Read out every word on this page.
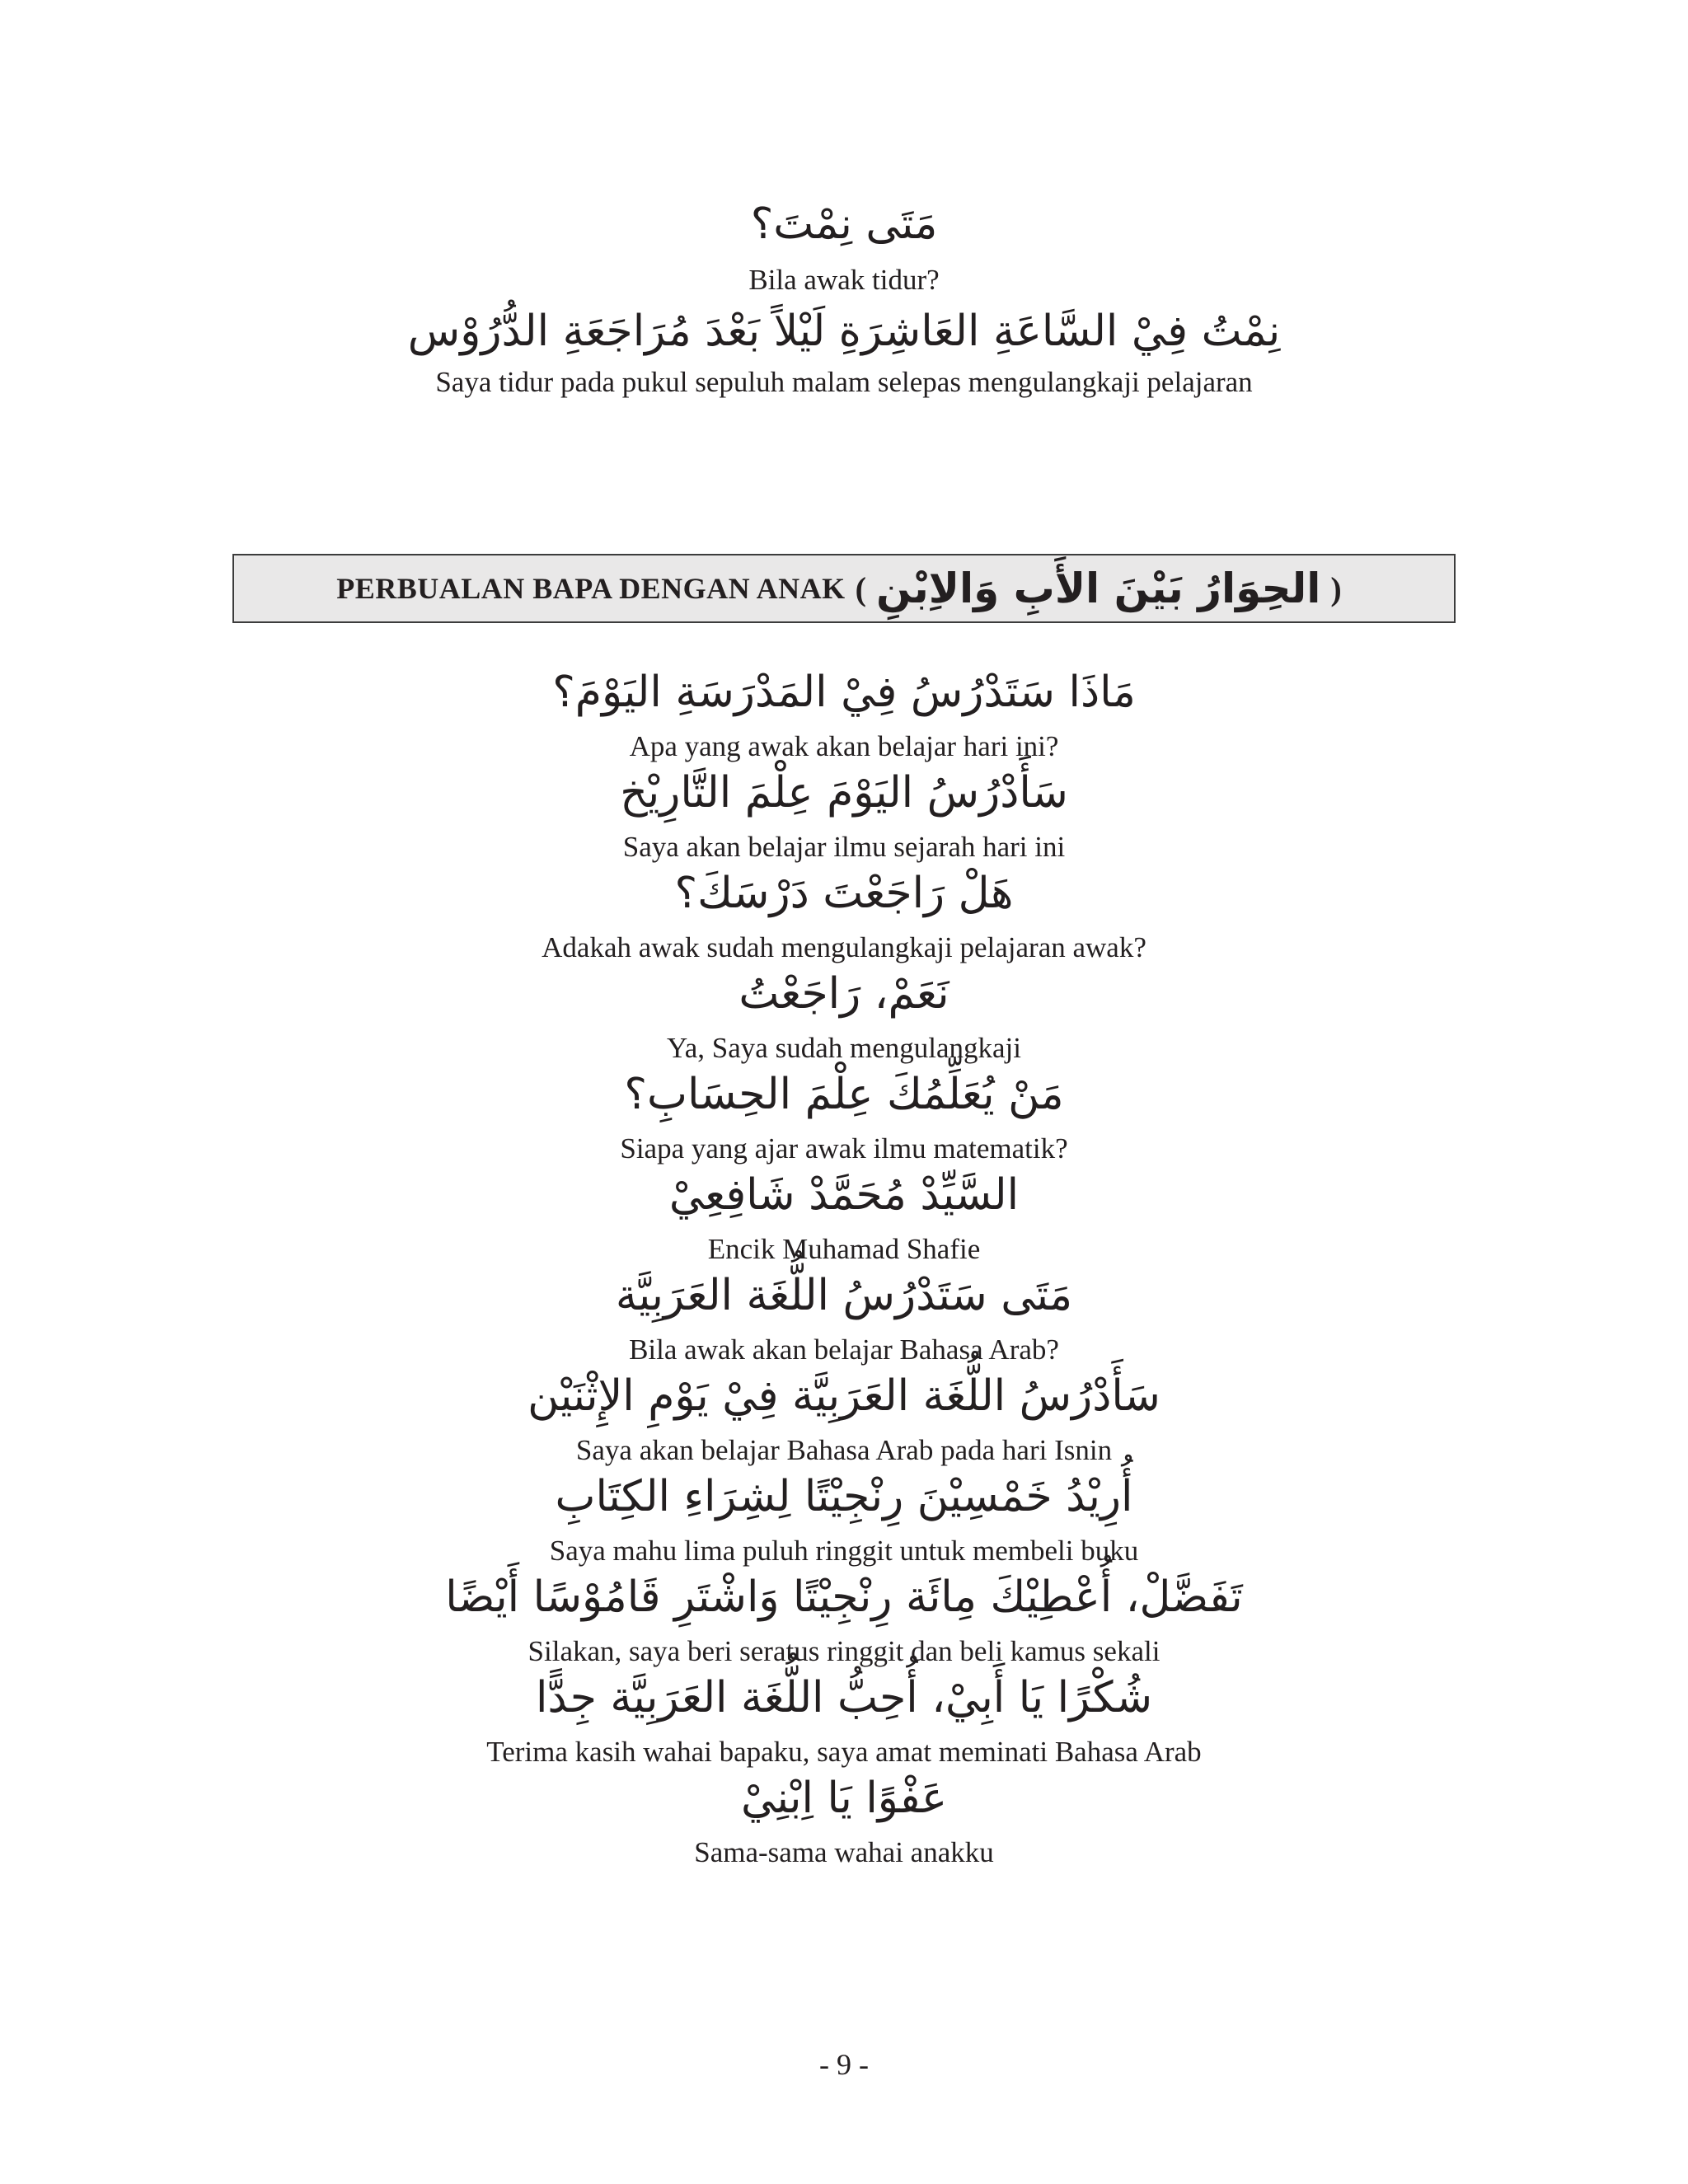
مَتَى نِمْتَ؟
Bila awak tidur?
نِمْتُ فِيْ السَّاعَةِ العَاشِرَةِ لَيْلاً بَعْدَ مُرَاجَعَةِ الدُّرُوْس
Saya tidur pada pukul sepuluh malam selepas mengulangkaji pelajaran
PERBUALAN BAPA DENGAN ANAK ( الحِوَارُ بَيْنَ الأَبِ وَالاِبْنِ )
مَاذَا سَتَدْرُسُ فِيْ المَدْرَسَةِ اليَوْمَ؟
Apa yang awak akan belajar hari ini?
سَأَدْرُسُ اليَوْمَ عِلْمَ التَّارِيْخ
Saya akan belajar ilmu sejarah hari ini
هَلْ رَاجَعْتَ دَرْسَكَ؟
Adakah awak sudah mengulangkaji pelajaran awak?
نَعَمْ، رَاجَعْتُ
Ya, Saya sudah mengulangkaji
مَنْ يُعَلِّمُكَ عِلْمَ الحِسَابِ؟
Siapa yang ajar awak ilmu matematik?
السَّيِّدْ مُحَمَّدْ شَافِعِيْ
Encik Muhamad Shafie
مَتَى سَتَدْرُسُ اللُّغَة العَرَبِيَّة
Bila awak akan belajar Bahasa Arab?
سَأَدْرُسُ اللُّغَة العَرَبِيَّة فِيْ يَوْمِ الإِثْنَيْن
Saya akan belajar Bahasa Arab pada hari Isnin
أُرِيْدُ خَمْسِيْنَ رِنْجِيْتًا لِشِرَاءِ الكِتَابِ
Saya mahu lima puluh ringgit untuk membeli buku
تَفَضَّلْ، أُعْطِيْكَ مِائَة رِنْجِيْتًا وَاشْتَرِ قَامُوْسًا أَيْضًا
Silakan, saya beri seratus ringgit dan beli kamus sekali
شُكْرًا يَا أَبِيْ، أُحِبُّ اللُّغَة العَرَبِيَّة جِدًّا
Terima kasih wahai bapaku, saya amat meminati Bahasa Arab
عَفْوًا يَا اِبْنِيْ
Sama-sama wahai anakku
- 9 -
